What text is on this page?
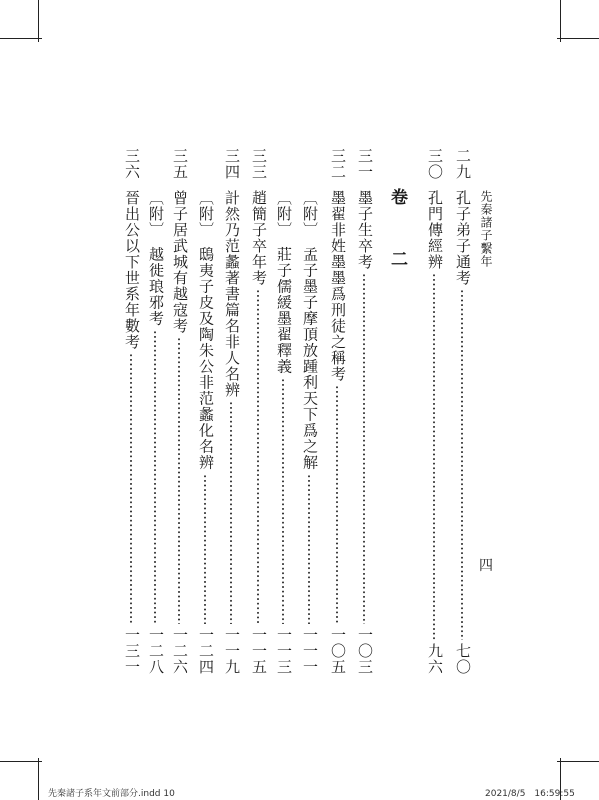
先秦諸子繫年
四
卷　二
二九
孔子弟子通考
七〇
三〇
孔門傳經辨
九六
三一
墨子生卒考
一〇三
三二
墨翟非姓墨墨爲刑徒之稱考
一〇五
〔附〕　孟子墨子摩頂放踵利天下爲之解
一一一
〔附〕　莊子儒緩墨翟釋義
一一三
三三
趙簡子卒年考
一一五
三四
計然乃范蠡著書篇名非人名辨
一一九
〔附〕　鴟夷子皮及陶朱公非范蠡化名辨
一二四
三五
曾子居武城有越寇考
一二六
〔附〕　越徙琅邪考
一二八
三六
晉出公以下世系年數考
一三一
先秦諸子系年文前部分.indd 10	2021/8/5　16:59:55
